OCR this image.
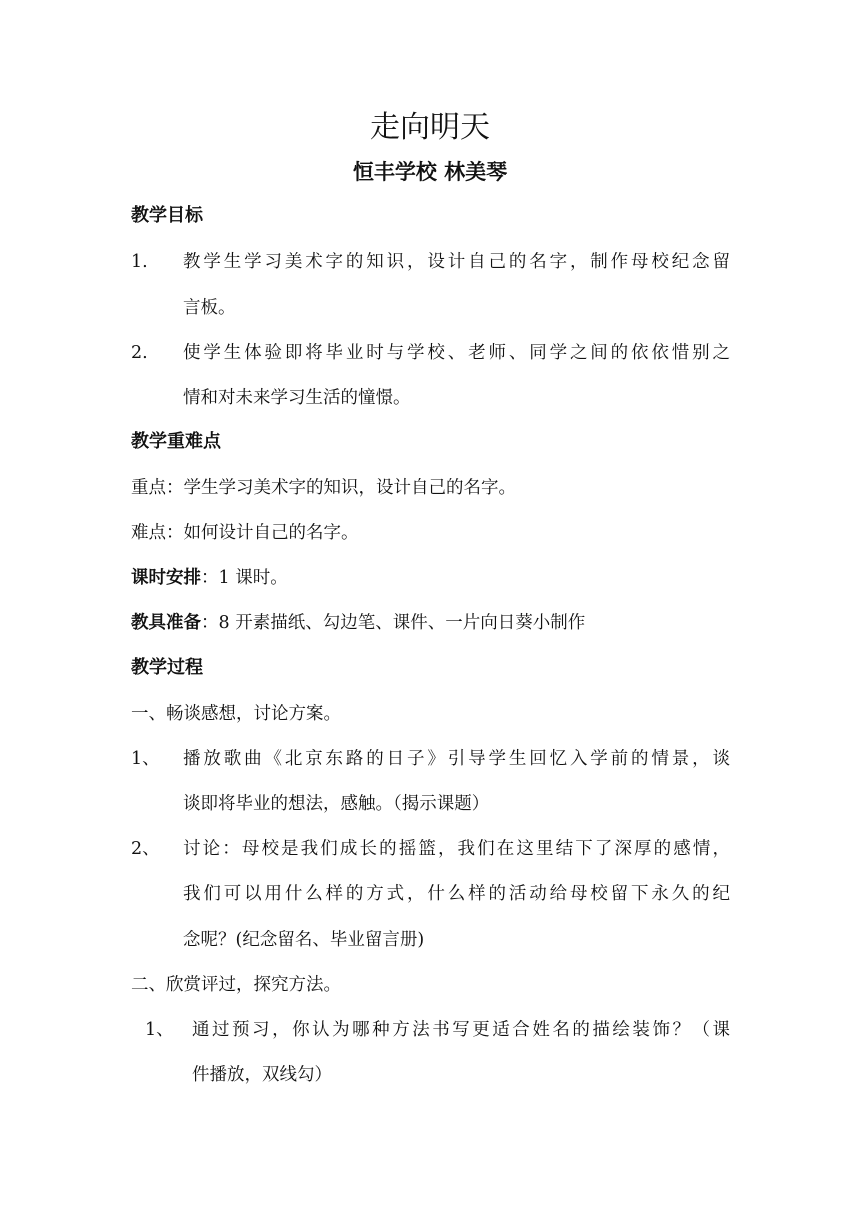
走向明天
恒丰学校 林美琴
教学目标
1. 教学生学习美术字的知识，设计自己的名字，制作母校纪念留
言板。
2. 使学生体验即将毕业时与学校、老师、同学之间的依依惜别之
情和对未来学习生活的憧憬。
教学重难点
重点：学生学习美术字的知识，设计自己的名字。
难点：如何设计自己的名字。
课时安排：1 课时。
教具准备：8 开素描纸、勾边笔、课件、一片向日葵小制作
教学过程
一、畅谈感想，讨论方案。
1、 播放歌曲《北京东路的日子》引导学生回忆入学前的情景，谈
谈即将毕业的想法，感触。（揭示课题）
2、 讨论：母校是我们成长的摇篮，我们在这里结下了深厚的感情，
我们可以用什么样的方式，什么样的活动给母校留下永久的纪
念呢？(纪念留名、毕业留言册)
二、欣赏评过，探究方法。
1、 通过预习，你认为哪种方法书写更适合姓名的描绘装饰？（课
件播放，双线勾）
